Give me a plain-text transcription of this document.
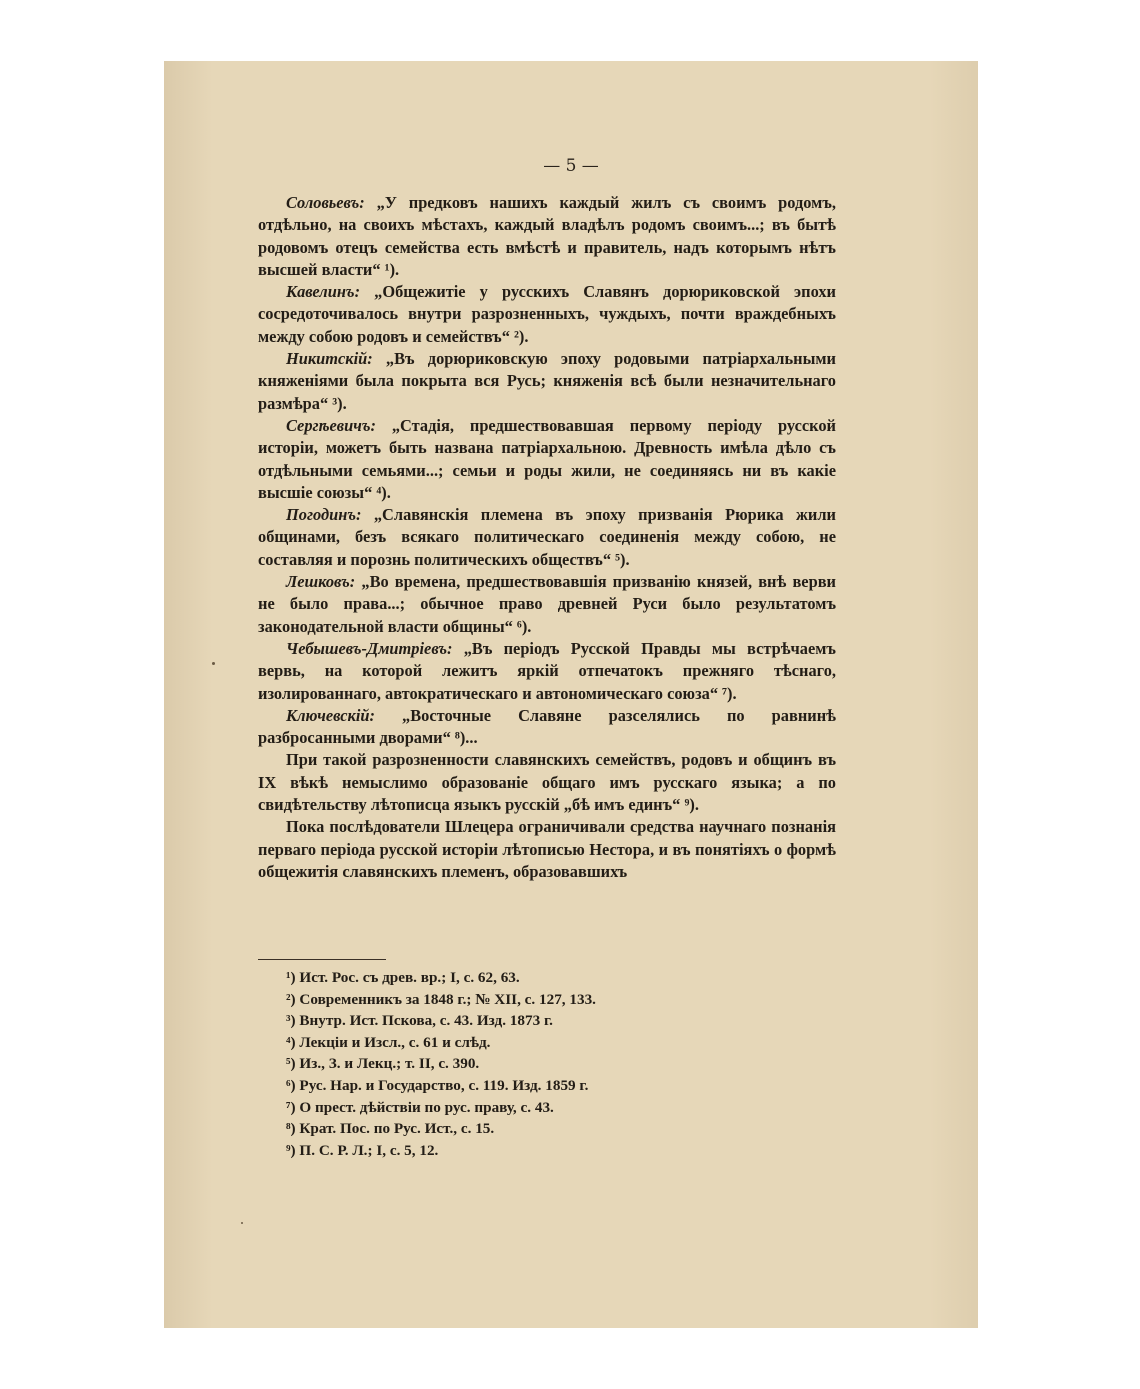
— 5 —

Соловьевъ: „У предковъ нашихъ каждый жилъ съ своимъ родомъ, отдѣльно, на своихъ мѣстахъ, каждый владѣлъ родомъ своимъ...; въ бытѣ родовомъ отецъ семейства есть вмѣстѣ и правитель, надъ которымъ нѣтъ высшей власти“ ¹).

Кавелинъ: „Общежитіе у русскихъ Славянъ дорюриковской эпохи сосредоточивалось внутри разрозненныхъ, чуждыхъ, почти враждебныхъ между собою родовъ и семействъ“ ²).

Никитскій: „Въ дорюриковскую эпоху родовыми патріархальными княженіями была покрыта вся Русь; княженія всѣ были незначительнаго размѣра“ ³).

Сергѣевичъ: „Стадія, предшествовавшая первому періоду русской исторіи, можетъ быть названа патріархальною. Древность имѣла дѣло съ отдѣльными семьями...; семьи и роды жили, не соединяясь ни въ какіе высшіе союзы“ ⁴).

Погодинъ: „Славянскія племена въ эпоху призванія Рюрика жили общинами, безъ всякаго политическаго соединенія между собою, не составляя и порознь политическихъ обществъ“ ⁵).

Лешковъ: „Во времена, предшествовавшія призванію князей, внѣ верви не было права...; обычное право древней Руси было результатомъ законодательной власти общины“ ⁶).

Чебышевъ-Дмитріевъ: „Въ періодъ Русской Правды мы встрѣчаемъ вервь, на которой лежитъ яркій отпечатокъ прежняго тѣснаго, изолированнаго, автократическаго и автономическаго союза“ ⁷).

Ключевскій: „Восточные Славяне разселялись по равнинѣ разбросанными дворами“ ⁸)...

При такой разрозненности славянскихъ семействъ, родовъ и общинъ въ IX вѣкѣ немыслимо образованіе общаго имъ русскаго языка; а по свидѣтельству лѣтописца языкъ русскій „бѣ имъ единъ“ ⁹).

Пока послѣдователи Шлецера ограничивали средства научнаго познанія перваго періода русской исторіи лѣтописью Нестора, и въ понятіяхъ о формѣ общежитія славянскихъ племенъ, образовавшихъ

¹) Ист. Рос. съ древ. вр.; I, с. 62, 63.
²) Современникъ за 1848 г.; № XII, с. 127, 133.
³) Внутр. Ист. Пскова, с. 43. Изд. 1873 г.
⁴) Лекціи и Изсл., с. 61 и слѣд.
⁵) Из., З. и Лекц.; т. II, с. 390.
⁶) Рус. Нар. и Государство, с. 119. Изд. 1859 г.
⁷) О прест. дѣйствіи по рус. праву, с. 43.
⁸) Крат. Пос. по Рус. Ист., с. 15.
⁹) П. С. Р. Л.; I, с. 5, 12.
